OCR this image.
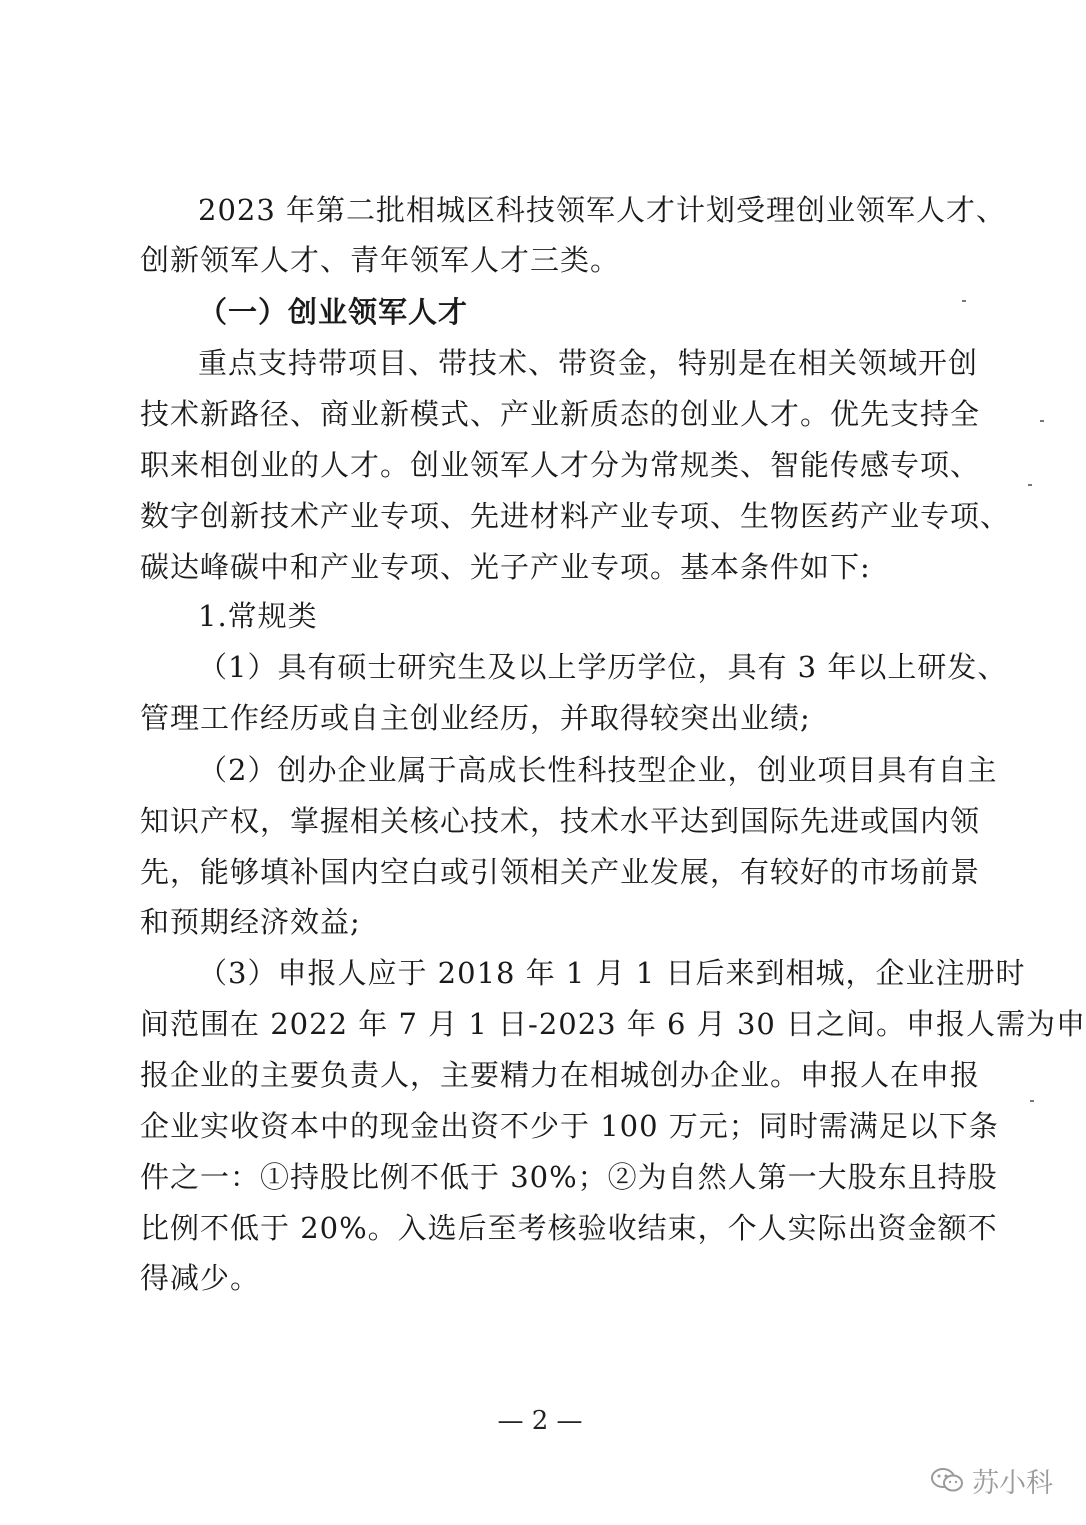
2023 年第二批相城区科技领军人才计划受理创业领军人才、
创新领军人才、青年领军人才三类。
（一）创业领军人才
重点支持带项目、带技术、带资金，特别是在相关领域开创
技术新路径、商业新模式、产业新质态的创业人才。优先支持全
职来相创业的人才。创业领军人才分为常规类、智能传感专项、
数字创新技术产业专项、先进材料产业专项、生物医药产业专项、
碳达峰碳中和产业专项、光子产业专项。基本条件如下:
1.常规类
（1）具有硕士研究生及以上学历学位，具有 3 年以上研发、
管理工作经历或自主创业经历，并取得较突出业绩;
（2）创办企业属于高成长性科技型企业，创业项目具有自主
知识产权，掌握相关核心技术，技术水平达到国际先进或国内领
先，能够填补国内空白或引领相关产业发展，有较好的市场前景
和预期经济效益;
（3）申报人应于 2018 年 1 月 1 日后来到相城，企业注册时
间范围在 2022 年 7 月 1 日-2023 年 6 月 30 日之间。申报人需为申
报企业的主要负责人，主要精力在相城创办企业。申报人在申报
企业实收资本中的现金出资不少于 100 万元；同时需满足以下条
件之一：①持股比例不低于 30%；②为自然人第一大股东且持股
比例不低于 20%。入选后至考核验收结束，个人实际出资金额不
得减少。
— 2 —
苏小科
